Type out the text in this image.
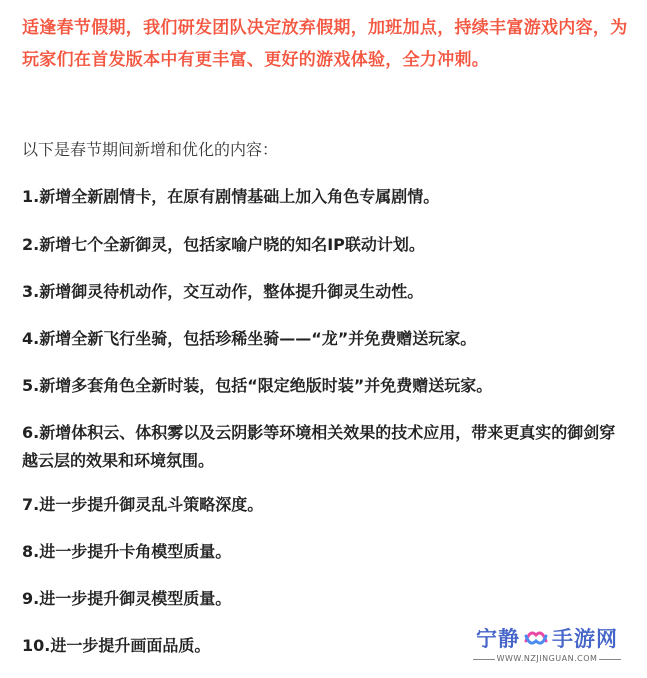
适逢春节假期，我们研发团队决定放弃假期，加班加点，持续丰富游戏内容，为玩家们在首发版本中有更丰富、更好的游戏体验，全力冲刺。

以下是春节期间新增和优化的内容：

1.新增全新剧情卡，在原有剧情基础上加入角色专属剧情。

2.新增七个全新御灵，包括家喻户晓的知名IP联动计划。

3.新增御灵待机动作，交互动作，整体提升御灵生动性。

4.新增全新飞行坐骑，包括珍稀坐骑——“龙”并免费赠送玩家。

5.新增多套角色全新时装，包括“限定绝版时装”并免费赠送玩家。

6.新增体积云、体积雾以及云阴影等环境相关效果的技术应用，带来更真实的御剑穿越云层的效果和环境氛围。

7.进一步提升御灵乱斗策略深度。

8.进一步提升卡角模型质量。

9.进一步提升御灵模型质量。

10.进一步提升画面品质。	宁静 手游网
WWW.NZJINGUAN.COM
